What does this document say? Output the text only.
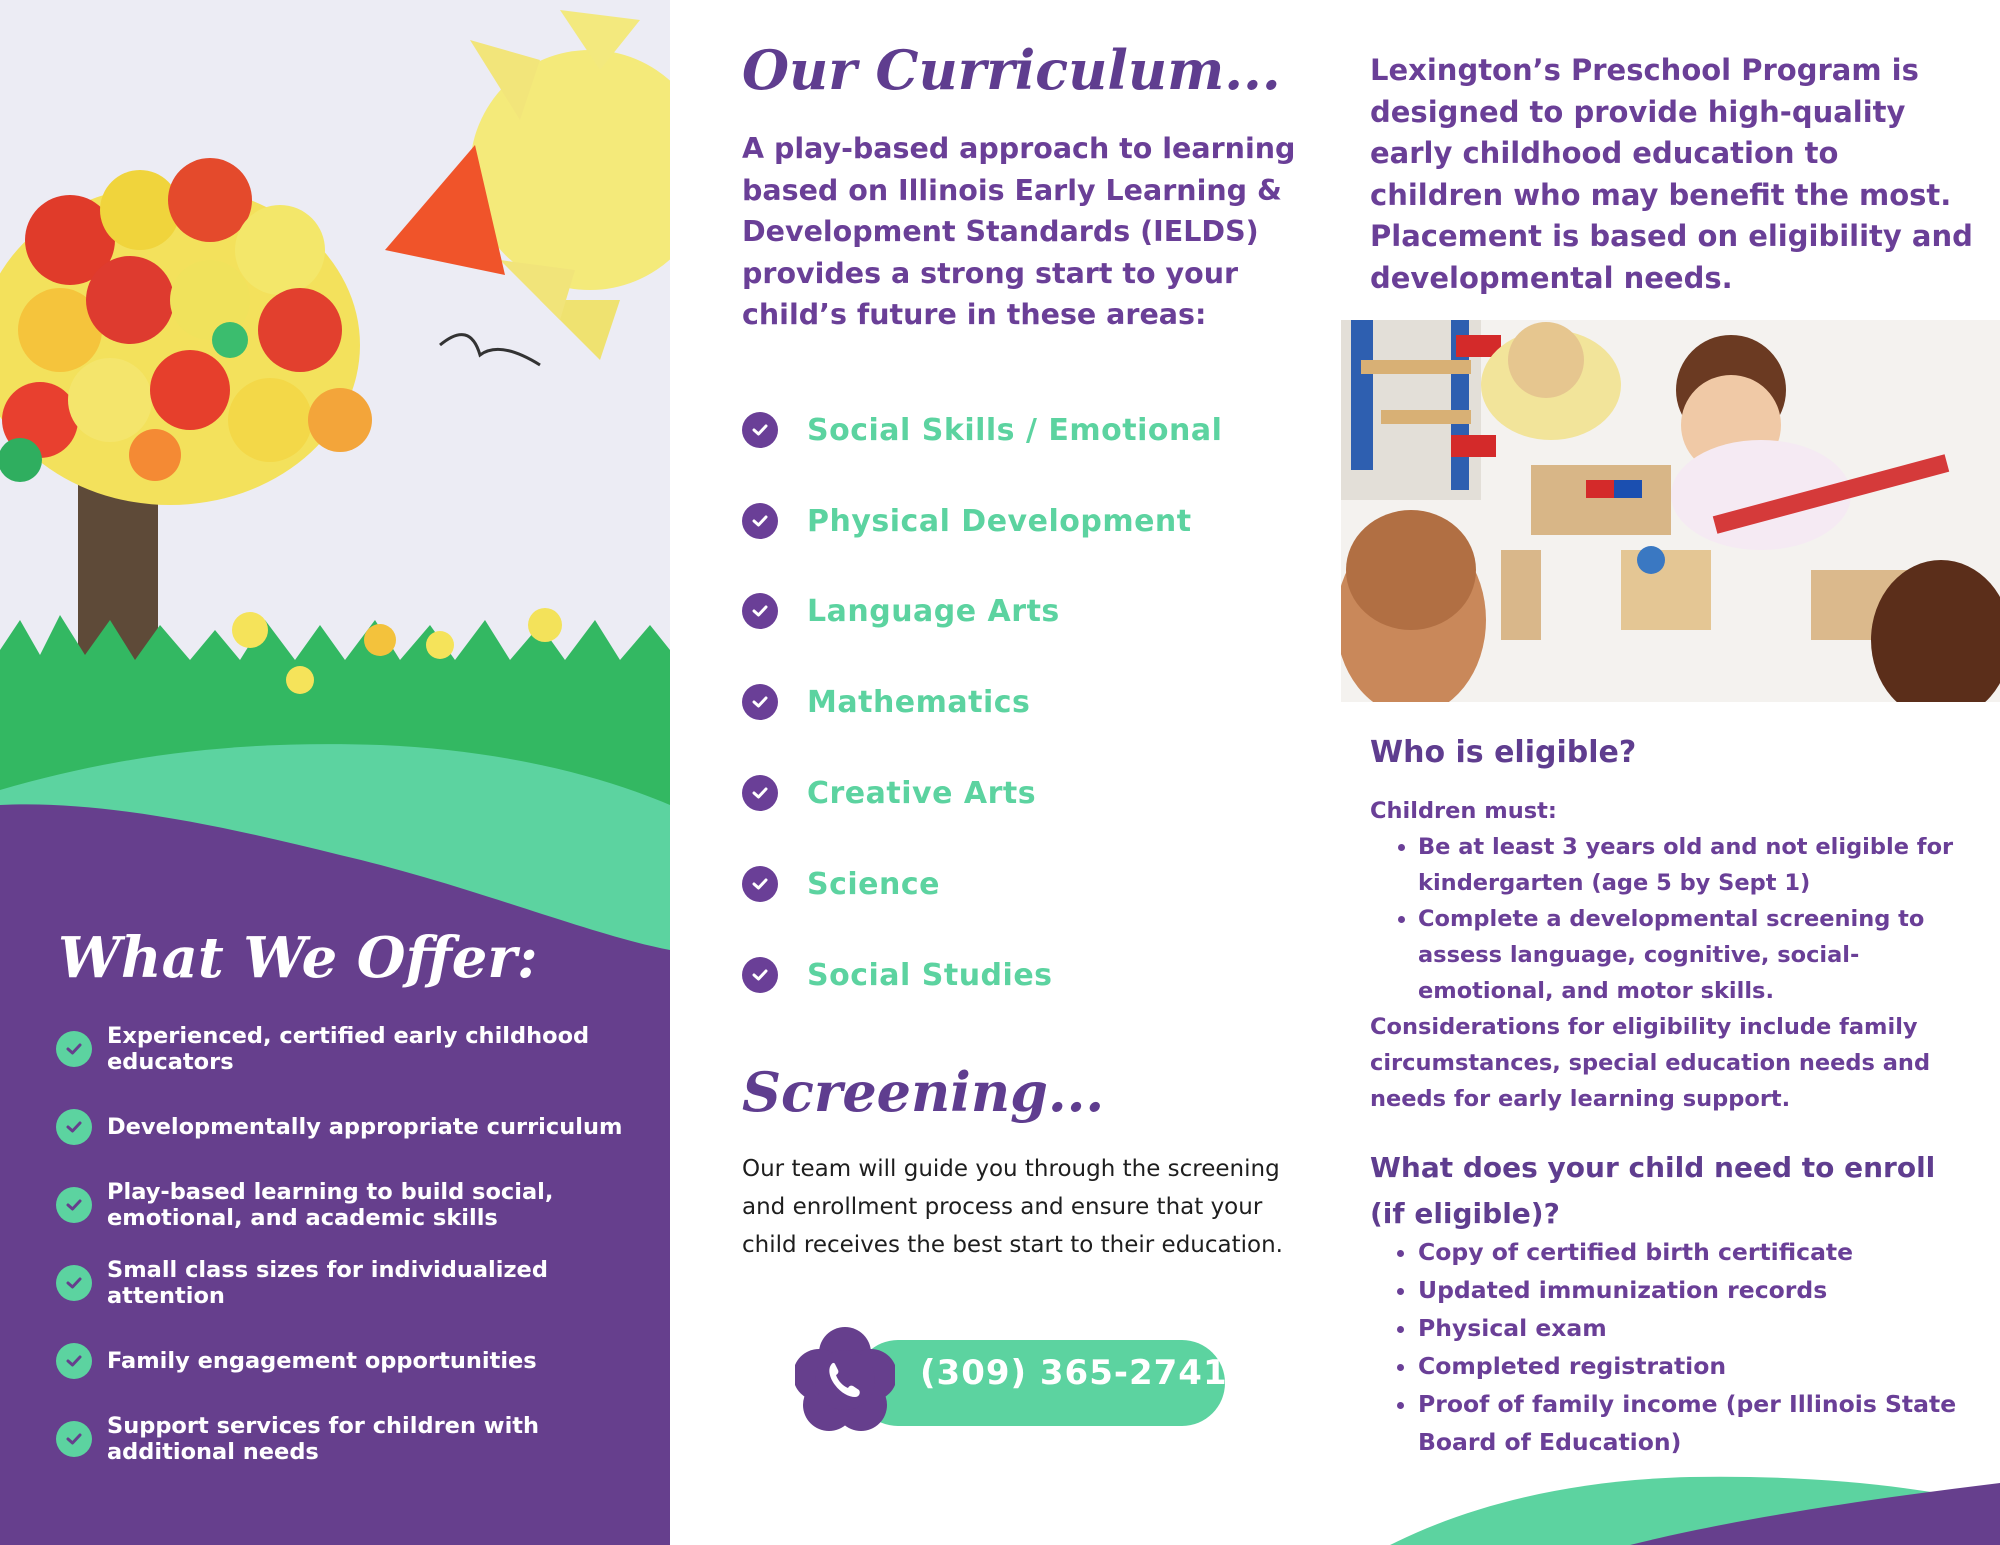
What We Offer:
Experienced, certified early childhood educators
Developmentally appropriate curriculum
Play-based learning to build social, emotional, and academic skills
Small class sizes for individualized attention
Family engagement opportunities
Support services for children with additional needs
Our Curriculum...

A play-based approach to learning based on Illinois Early Learning & Development Standards (IELDS) provides a strong start to your child’s future in these areas:

Social Skills / Emotional
Physical Development
Language Arts
Mathematics
Creative Arts
Science
Social Studies
Screening...

Our team will guide you through the screening and enrollment process and ensure that your child receives the best start to their education.

(309) 365-2741

Lexington’s Preschool Program is designed to provide high-quality early childhood education to children who may benefit the most. Placement is based on eligibility and developmental needs.

Who is eligible?
Children must:
• Be at least 3 years old and not eligible for kindergarten (age 5 by Sept 1)
• Complete a developmental screening to assess language, cognitive, social-emotional, and motor skills.
Considerations for eligibility include family circumstances, special education needs and needs for early learning support.
What does your child need to enroll (if eligible)?
• Copy of certified birth certificate
• Updated immunization records
• Physical exam
• Completed registration
• Proof of family income (per Illinois State Board of Education)
